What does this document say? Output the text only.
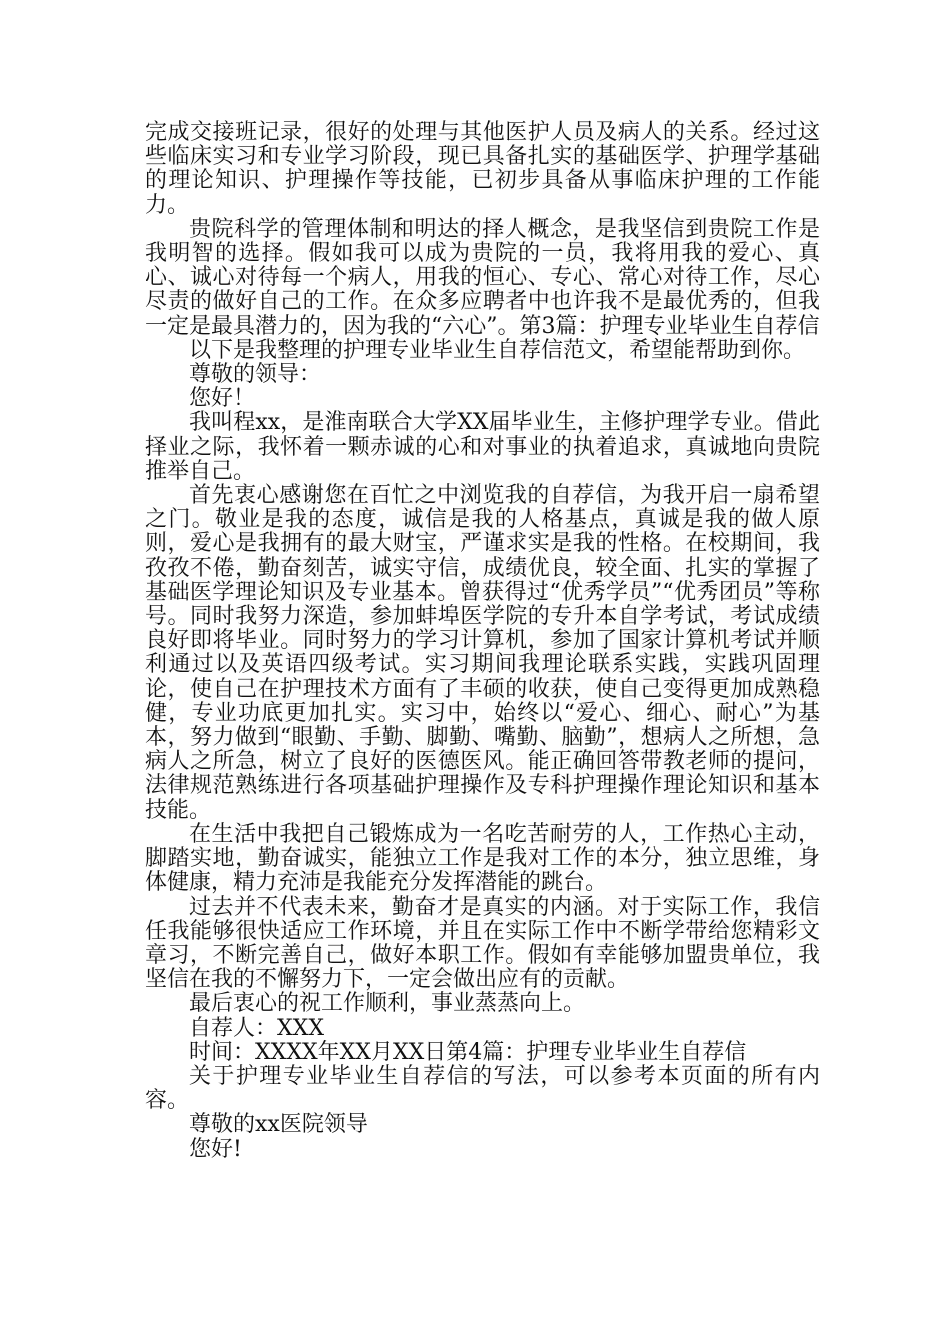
完成交接班记录，很好的处理与其他医护人员及病人的关系。经过这些临床实习和专业学习阶段，现已具备扎实的基础医学、护理学基础的理论知识、护理操作等技能，已初步具备从事临床护理的工作能力。

贵院科学的管理体制和明达的择人概念，是我坚信到贵院工作是我明智的选择。假如我可以成为贵院的一员，我将用我的爱心、真心、诚心对待每一个病人，用我的恒心、专心、常心对待工作，尽心尽责的做好自己的工作。在众多应聘者中也许我不是最优秀的，但我一定是最具潜力的，因为我的“六心”。第3篇：护理专业毕业生自荐信

以下是我整理的护理专业毕业生自荐信范文，希望能帮助到你。

尊敬的领导：

您好！

我叫程xx，是淮南联合大学XX届毕业生，主修护理学专业。借此择业之际，我怀着一颗赤诚的心和对事业的执着追求，真诚地向贵院推举自己。

首先衷心感谢您在百忙之中浏览我的自荐信，为我开启一扇希望之门。敬业是我的态度，诚信是我的人格基点，真诚是我的做人原则，爱心是我拥有的最大财宝，严谨求实是我的性格。在校期间，我孜孜不倦，勤奋刻苦，诚实守信，成绩优良，较全面、扎实的掌握了基础医学理论知识及专业基本。曾获得过“优秀学员”“优秀团员”等称号。同时我努力深造，参加蚌埠医学院的专升本自学考试，考试成绩良好即将毕业。同时努力的学习计算机，参加了国家计算机考试并顺利通过以及英语四级考试。实习期间我理论联系实践，实践巩固理论，使自己在护理技术方面有了丰硕的收获，使自己变得更加成熟稳健，专业功底更加扎实。实习中，始终以“爱心、细心、耐心”为基本，努力做到“眼勤、手勤、脚勤、嘴勤、脑勤”，想病人之所想，急病人之所急，树立了良好的医德医风。能正确回答带教老师的提问，法律规范熟练进行各项基础护理操作及专科护理操作理论知识和基本技能。

在生活中我把自己锻炼成为一名吃苦耐劳的人，工作热心主动，脚踏实地，勤奋诚实，能独立工作是我对工作的本分，独立思维，身体健康，精力充沛是我能充分发挥潜能的跳台。

过去并不代表未来，勤奋才是真实的内涵。对于实际工作，我信任我能够很快适应工作环境，并且在实际工作中不断学带给您精彩文章习，不断完善自己，做好本职工作。假如有幸能够加盟贵单位，我坚信在我的不懈努力下，一定会做出应有的贡献。

最后衷心的祝工作顺利，事业蒸蒸向上。

自荐人：XXX

时间：XXXX年XX月XX日第4篇：护理专业毕业生自荐信

关于护理专业毕业生自荐信的写法，可以参考本页面的所有内容。

尊敬的xx医院领导

您好!
